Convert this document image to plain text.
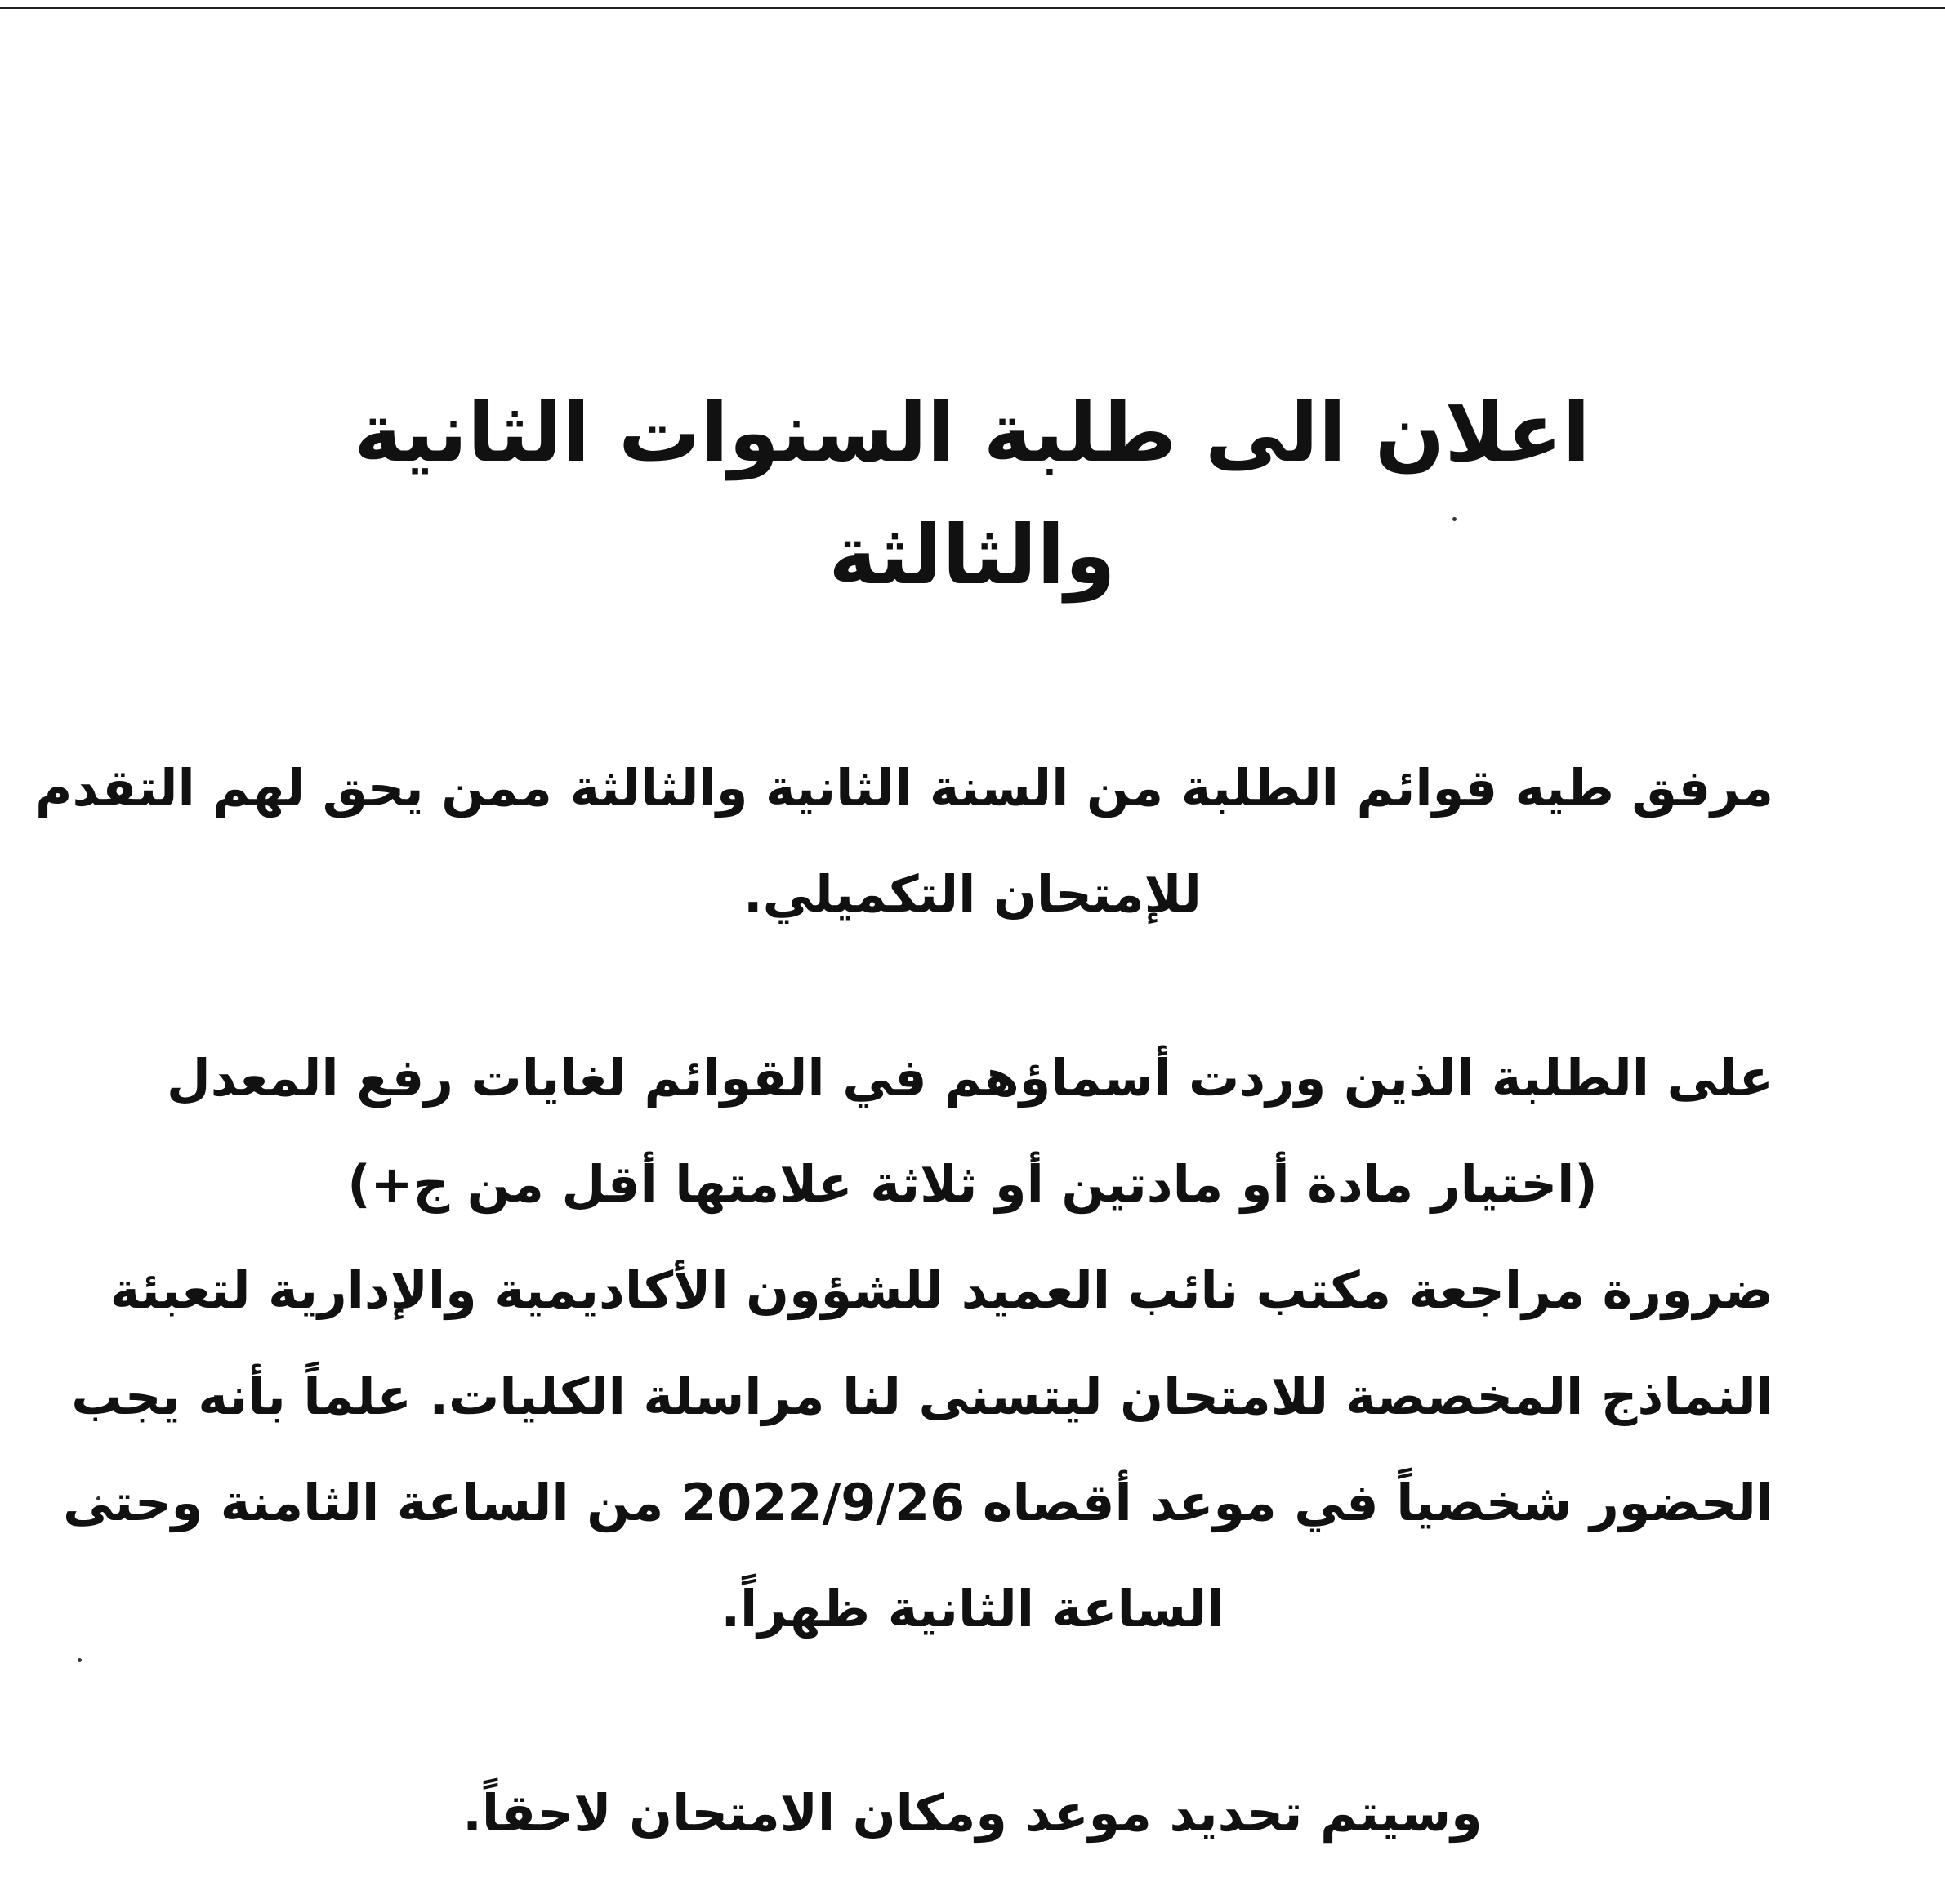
اعلان الى طلبة السنوات الثانية والثالثة
مرفق طيه قوائم الطلبة من السنة الثانية والثالثة ممن يحق لهم التقدم
للإمتحان التكميلي.
على الطلبة الذين وردت أسماؤهم في القوائم لغايات رفع المعدل
(اختيار مادة أو مادتين أو ثلاثة علامتها أقل من ج+)
ضرورة مراجعة مكتب نائب العميد للشؤون الأكاديمية والإدارية لتعبئة
النماذج المخصصة للامتحان ليتسنى لنا مراسلة الكليات. علماً بأنه يجب
الحضور شخصياً في موعد أقصاه 2022/9/26 من الساعة الثامنة وحتى
الساعة الثانية ظهراً.
وسيتم تحديد موعد ومكان الامتحان لاحقاً.
